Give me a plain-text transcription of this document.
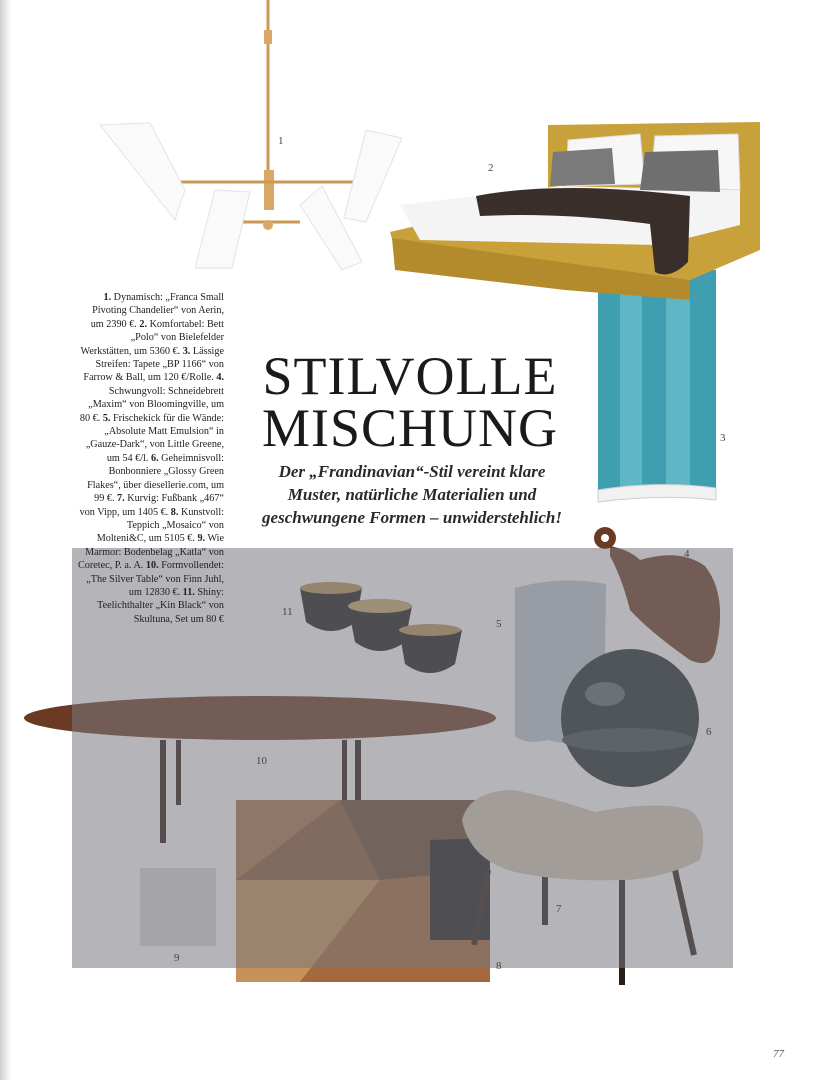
1
2
3
4
5
6
7
8
9
10
11
STILVOLLE
MISCHUNG
Der „Frandinavian“-Stil vereint klare Muster, natürliche Materialien und geschwungene Formen – unwiderstehlich!
1. Dynamisch: „Franca Small Pivoting Chandelier“ von Aerin, um 2390 €. 2. Komfortabel: Bett „Polo“ von Bielefelder Werkstätten, um 5360 €. 3. Lässige Streifen: Tapete „BP 1166“ von Farrow & Ball, um 120 €/Rolle. 4. Schwungvoll: Schneidebrett „Maxim“ von Bloomingville, um 80 €. 5. Frischekick für die Wände: „Absolute Matt Emulsion“ in „Gauze-Dark“, von Little Greene, um 54 €/l. 6. Geheimnisvoll: Bonbonniere „Glossy Green Flakes“, über diesellerie.com, um 99 €. 7. Kurvig: Fußbank „467“ von Vipp, um 1405 €. 8. Kunstvoll: Teppich „Mosaico“ von Molteni&C, um 5105 €. 9. Wie Marmor: Bodenbelag „Katla“ von Coretec, P. a. A. 10. Formvollendet: „The Silver Table“ von Finn Juhl, um 12830 €. 11. Shiny: Teelichthalter „Kin Black“ von Skultuna, Set um 80 €
77
